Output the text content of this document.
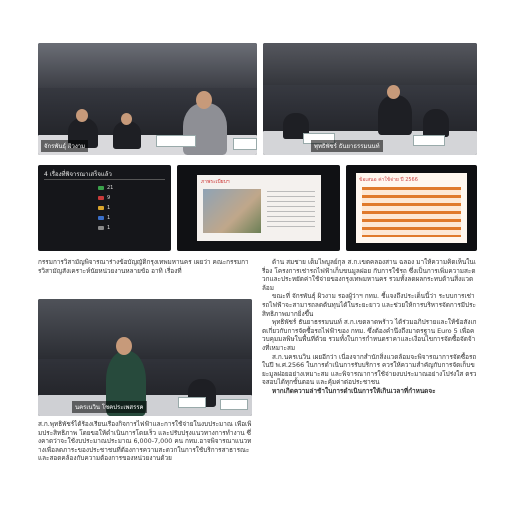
จักรพันธุ์ ผิวงาม	พุทธิพัชร์ ธันยาธรรมนนท์
4 เรื่องที่พิจารณาเสร็จแล้ว
21
9
1
1
1
ภาพระเบียบฯ	ข้อเสนอ ค่าใช้จ่าย ปี 2566
กรรมการวิสามัญพิจารณาร่างข้อบัญญัติกรุงเทพมหานคร เผยว่า คณะกรรมการวิสามัญสังเคราะห์นัยหน่วยงานหลายข้อ อาทิ เรื่องที่
นครเนวิน โชคประเพสรรค
ส.ก.พุทธิพัชร์ได้ร้องเรียนเรื่องกิจการไฟฟ้าและการใช้จ่ายในงบประมาณ เพื่อเพิ่มประสิทธิภาพ โดยขอให้ดำเนินการโดยเร็ว และปรับปรุงแนวทางการทำงาน ซึ่งคาดว่าจะใช้งบประมาณประมาณ 6,000-7,000 คน กทม.อาจพิจารณาแนวทางเพื่อลดภาระของประชาชนที่ต้องการความสะดวกในการใช้บริการสาธารณะ และสอดคล้องกับความต้องการของหน่วยงานด้วย

ด้าน สมชาย เต็มไพบูลย์กุล ส.ก.เขตคลองสาน ฉลอง มาให้ความคิดเห็นในเรื่อง โครงการเช่ารถไฟฟ้าเก็บขนมูลฝอย กับการใช้รถ ซึ่งเป็นการเพิ่มความสะดวกและประหยัดค่าใช้จ่ายของกรุงเทพมหานคร รวมทั้งลดผลกระทบด้านสิ่งแวดล้อม

ขณะที่ จักรพันธุ์ ผิวงาม รองผู้ว่าฯ กทม. ชี้แจงถึงประเด็นนี้ว่า ระบบการเช่ารถไฟฟ้าจะสามารถลดต้นทุนได้ในระยะยาว และช่วยให้การบริหารจัดการมีประสิทธิภาพมากยิ่งขึ้น

พุทธิพัชร์ ธันยาธรรมนนท์ ส.ก.เขตลาดพร้าว ได้ร่วมอภิปรายและให้ข้อสังเกตเกี่ยวกับการจัดซื้อรถไฟฟ้าของ กทม. ซึ่งต้องคำนึงถึงมาตรฐาน Euro 5 เพื่อควบคุมมลพิษในพื้นที่ด้วย รวมทั้งในการกำหนดราคาและเงื่อนไขการจัดซื้อจัดจ้างที่เหมาะสม

ส.ก.นครเนวิน เผยอีกว่า เนื่องจากสำนักสิ่งแวดล้อมจะพิจารณาการจัดซื้อรถในปี พ.ศ.2566 ในการดำเนินการรับบริการ ควรให้ความสำคัญกับการจัดเก็บขยะมูลฝอยอย่างเหมาะสม และพิจารณาการใช้จ่ายงบประมาณอย่างโปร่งใส ตรวจสอบได้ทุกขั้นตอน และคุ้มค่าต่อประชาชน

หากเกิดความล่าช้าในการดำเนินการให้เกินเวลาที่กำหนดจะ
